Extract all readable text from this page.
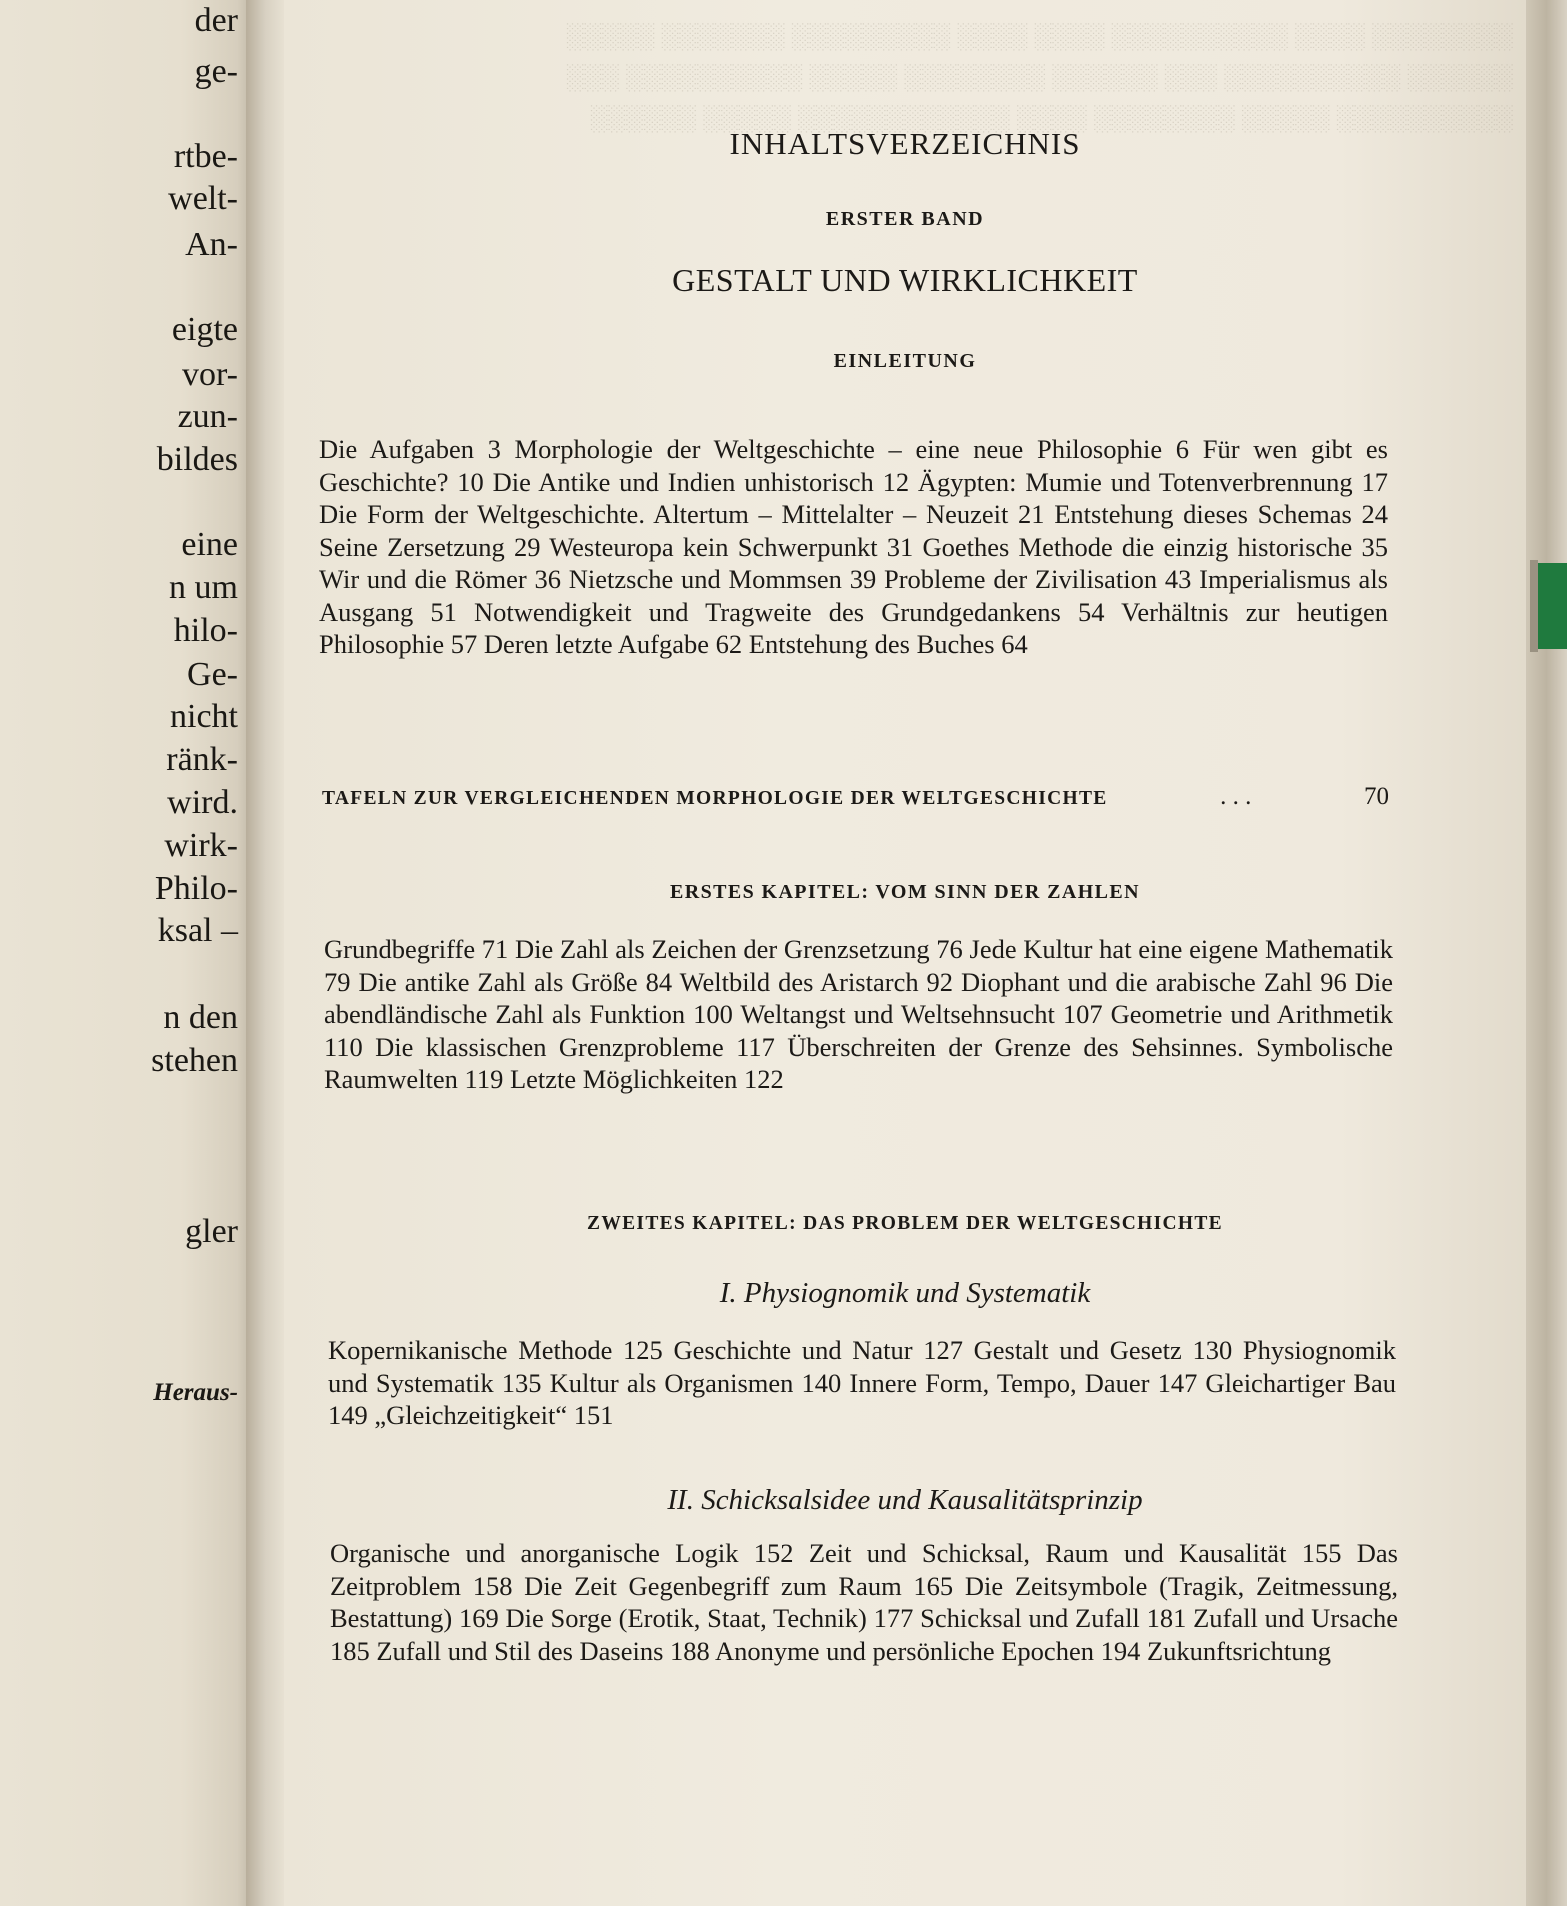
der
ge-
rtbe-
welt-
An-
eigte
vor-
zun-
bildes
eine
n um
hilo-
Ge-
nicht
ränk-
wird.
wirk-
Philo-
ksal –
n den
stehen
gler
Heraus-

░░░░░░░░ ░░░░ ░░░░░░░░░░ ░░░░ ░░░░ ░░░░░░░░░ ░░░░░░░ ░░░░░

░░░░░░ ░░░░░░░░░░ ░░░ ░░░░░░ ░░░░░░░░ ░░░░░ ░░░░░░░░░░ ░░░

░░░░░░░░░░ ░░░░░ ░░░░░░░░ ░░░░ ░░░░░░░░░░░░ ░░░░░ ░░░░░░

INHALTSVERZEICHNIS
ERSTER BAND
GESTALT UND WIRKLICHKEIT
EINLEITUNG

Die Aufgaben 3 Morphologie der Weltgeschichte – eine neue Philosophie 6 Für wen gibt es Geschichte? 10 Die Antike und Indien unhistorisch 12 Ägypten: Mumie und Totenverbrennung 17 Die Form der Weltgeschichte. Altertum – Mittelalter – Neuzeit 21 Entstehung dieses Schemas 24 Seine Zersetzung 29 Westeuropa kein Schwerpunkt 31 Goethes Methode die einzig historische 35 Wir und die Römer 36 Nietzsche und Mommsen 39 Probleme der Zivilisation 43 Imperialismus als Ausgang 51 Notwendigkeit und Tragweite des Grundgedankens 54 Verhältnis zur heutigen Philosophie 57 Deren letzte Aufgabe 62 Entstehung des Buches 64

TAFELN ZUR VERGLEICHENDEN MORPHOLOGIE DER WELTGESCHICHTE	. . .	70
ERSTES KAPITEL: VOM SINN DER ZAHLEN

Grundbegriffe 71 Die Zahl als Zeichen der Grenzsetzung 76 Jede Kultur hat eine eigene Mathematik 79 Die antike Zahl als Größe 84 Weltbild des Aristarch 92 Diophant und die arabische Zahl 96 Die abendländische Zahl als Funktion 100 Weltangst und Weltsehnsucht 107 Geometrie und Arithmetik 110 Die klassischen Grenzprobleme 117 Überschreiten der Grenze des Sehsinnes. Symbolische Raumwelten 119 Letzte Möglichkeiten 122

ZWEITES KAPITEL: DAS PROBLEM DER WELTGESCHICHTE
I. Physiognomik und Systematik

Kopernikanische Methode 125 Geschichte und Natur 127 Gestalt und Gesetz 130 Physiognomik und Systematik 135 Kultur als Organismen 140 Innere Form, Tempo, Dauer 147 Gleichartiger Bau 149 „Gleichzeitigkeit“ 151

II. Schicksalsidee und Kausalitätsprinzip

Organische und anorganische Logik 152 Zeit und Schicksal, Raum und Kausalität 155 Das Zeitproblem 158 Die Zeit Gegenbegriff zum Raum 165 Die Zeitsymbole (Tragik, Zeitmessung, Bestattung) 169 Die Sorge (Erotik, Staat, Technik) 177 Schicksal und Zufall 181 Zufall und Ursache 185 Zufall und Stil des Daseins 188 Anonyme und persönliche Epochen 194 Zukunftsrichtung
